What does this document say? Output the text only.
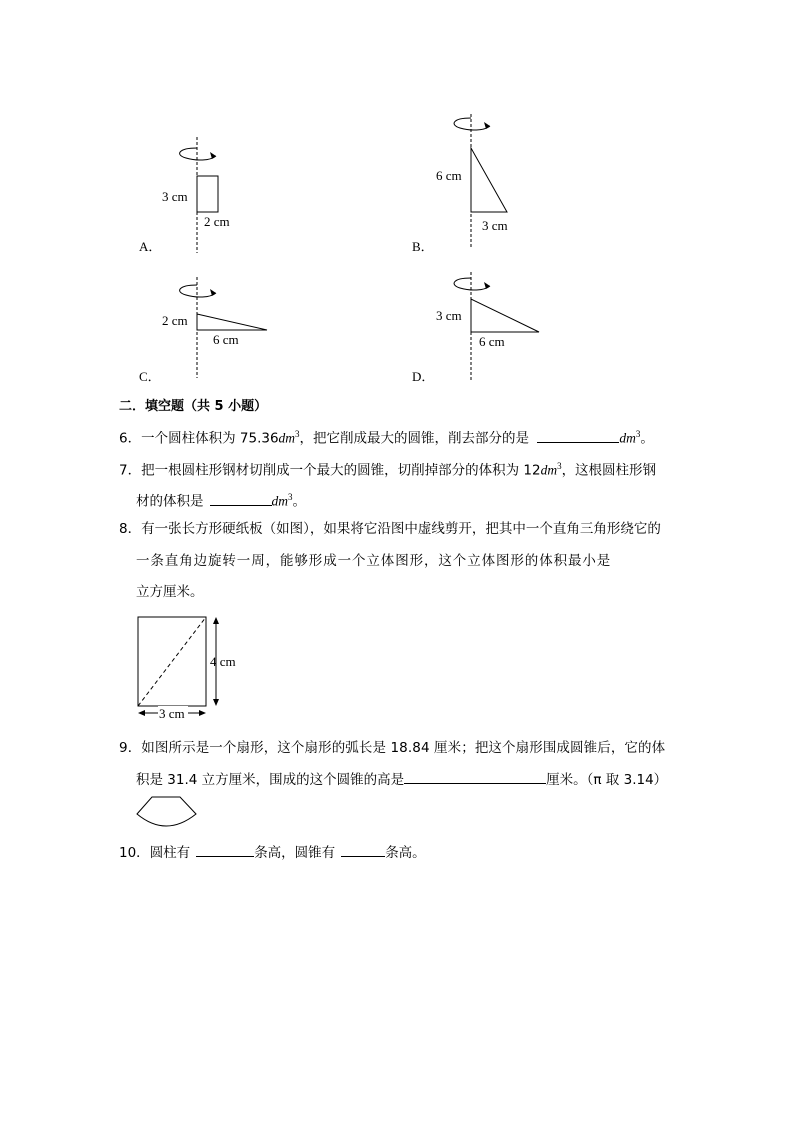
3 cm
2 cm
A．
6 cm
3 cm
B．
2 cm
6 cm
C．
3 cm
6 cm
D．
二．填空题（共 5 小题）
6．一个圆柱体积为 $75.36dm^3$，把它削成最大的圆锥，削去部分的是	$dm^3$。
7．把一根圆柱形钢材切削成一个最大的圆锥，切削掉部分的体积为 $12dm^3$，这根圆柱形钢
材的体积是	$dm^3$。
8．有一张长方形硬纸板（如图），如果将它沿图中虚线剪开，把其中一个直角三角形绕它的
一条直角边旋转一周，能够形成一个立体图形，这个立体图形的体积最小是
立方厘米。
4 cm
3 cm
9．如图所示是一个扇形，这个扇形的弧长是 18.84 厘米；把这个扇形围成圆锥后，它的体
积是 31.4 立方厘米，围成的这个圆锥的高是	厘米。（π 取 3.14）
10．圆柱有	条高，圆锥有	条高。
